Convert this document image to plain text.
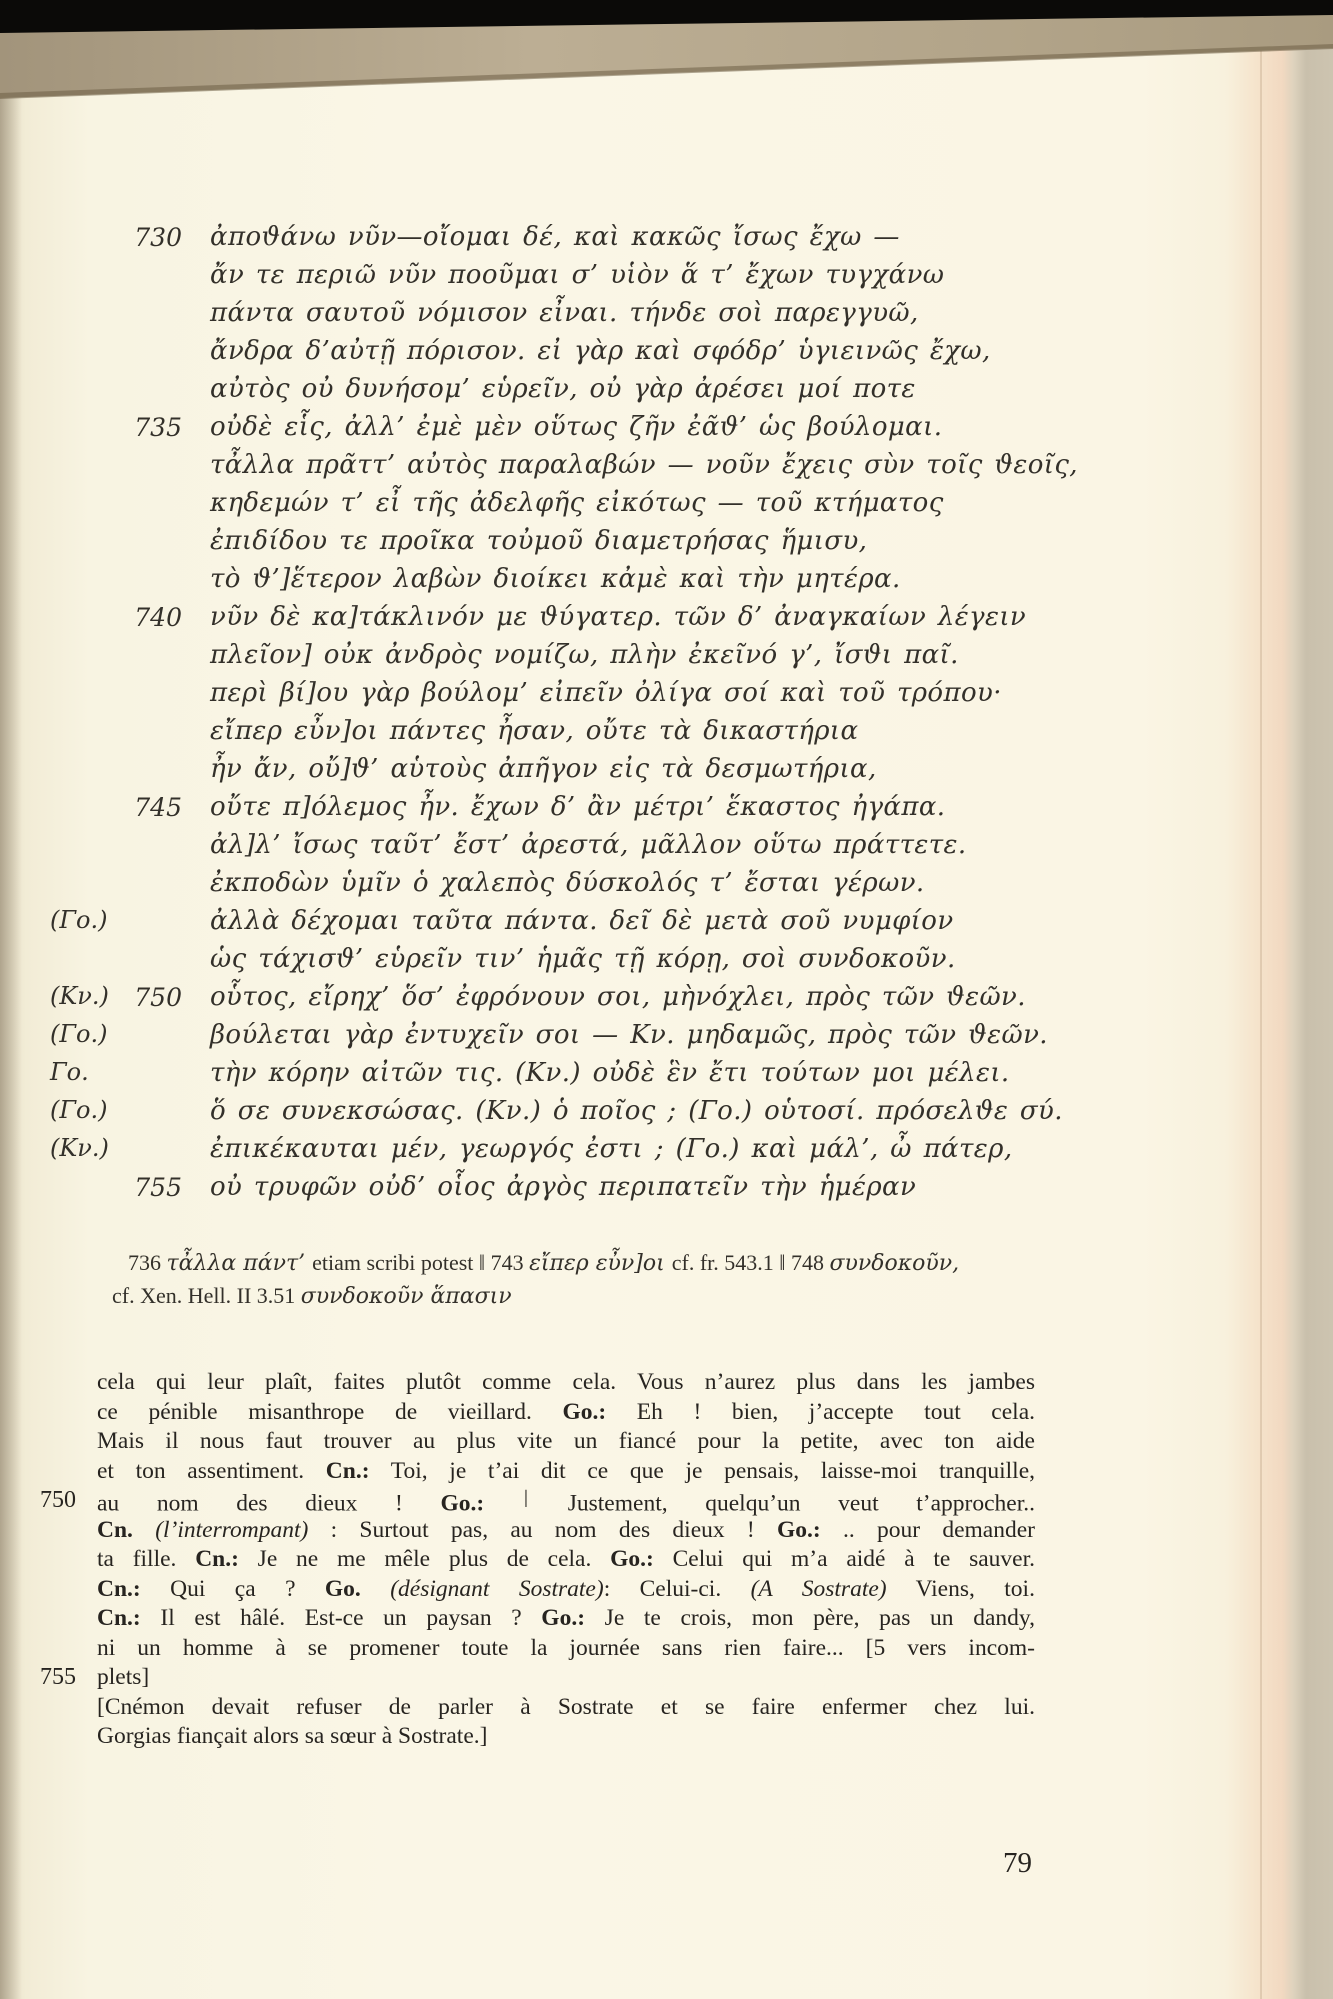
730 ἀποϑάνω νῦν—οἴομαι δέ, καὶ κακῶς ἴσως ἔχω —
ἄν τε περιῶ νῦν ποοῦμαι σ’ υἱὸν ἅ τ’ ἔχων τυγχάνω
πάντα σαυτοῦ νόμισον εἶναι. τήνδε σοὶ παρεγγυῶ,
ἄνδρα δ’αὐτῇ πόρισον. εἰ γὰρ καὶ σφόδρ’ ὑγιεινῶς ἔχω,
αὐτὸς οὐ δυνήσομ’ εὑρεῖν, οὐ γὰρ ἀρέσει μοί ποτε
735 οὐδὲ εἷς, ἀλλ’ ἐμὲ μὲν οὕτως ζῆν ἐᾶϑ’ ὡς βούλομαι.
τἆλλα πρᾶττ’ αὐτὸς παραλαβών — νοῦν ἔχεις σὺν τοῖς ϑεοῖς,
κηδεμών τ’ εἶ τῆς ἀδελφῆς εἰκότως — τοῦ κτήματος
ἐπιδίδου τε προῖκα τοὐμοῦ διαμετρήσας ἥμισυ,
τὸ ϑ’]ἕτερον λαβὼν διοίκει κἀμὲ καὶ τὴν μητέρα.
740 νῦν δὲ κα]τάκλινόν με ϑύγατερ. τῶν δ’ ἀναγκαίων λέγειν
πλεῖον] οὐκ ἀνδρὸς νομίζω, πλὴν ἐκεῖνό γ’, ἴσϑι παῖ.
περὶ βί]ου γὰρ βούλομ’ εἰπεῖν ὀλίγα σοί καὶ τοῦ τρόπου·
εἴπερ εὖν]οι πάντες ἦσαν, οὔτε τὰ δικαστήρια
ἦν ἄν, οὔ]ϑ’ αὑτοὺς ἀπῆγον εἰς τὰ δεσμωτήρια,
745 οὔτε π]όλεμος ἦν. ἔχων δ’ ἂν μέτρι’ ἕκαστος ἠγάπα.
ἀλ]λ’ ἴσως ταῦτ’ ἔστ’ ἀρεστά, μᾶλλον οὕτω πράττετε.
ἐκποδὼν ὑμῖν ὁ χαλεπὸς δύσκολός τ’ ἔσται γέρων.
(Γο.)	ἀλλὰ δέχομαι ταῦτα πάντα. δεῖ δὲ μετὰ σοῦ νυμφίον
ὡς τάχισϑ’ εὑρεῖν τιν’ ἡμᾶς τῇ κόρῃ, σοὶ συνδοκοῦν.
(Κν.)	750 οὗτος, εἴρηχ’ ὅσ’ ἐφρόνουν σοι, μὴνόχλει, πρὸς τῶν ϑεῶν.
(Γο.)	βούλεται γὰρ ἐντυχεῖν σοι — Κν. μηδαμῶς, πρὸς τῶν ϑεῶν.
Γο.	τὴν κόρην αἰτῶν τις. (Κν.) οὐδὲ ἓν ἔτι τούτων μοι μέλει.
(Γο.)	ὅ σε συνεκσώσας. (Κν.) ὁ ποῖος ; (Γο.) οὑτοσί. πρόσελϑε σύ.
(Κν.)	ἐπικέκαυται μέν, γεωργός ἐστι ; (Γο.) καὶ μάλ’, ὦ πάτερ,
755 οὐ τρυφῶν οὐδ’ οἷος ἀργὸς περιπατεῖν τὴν ἡμέραν
736 τἆλλα πάντ’ etiam scribi potest ‖ 743 εἴπερ εὖν]οι cf. fr. 543.1 ‖ 748 συνδοκοῦν,
cf. Xen. Hell. II 3.51 συνδοκοῦν ἅπασιν
cela qui leur plaît, faites plutôt comme cela. Vous n’aurez plus dans les jambes
ce pénible misanthrope de vieillard. Go.: Eh ! bien, j’accepte tout cela.
Mais il nous faut trouver au plus vite un fiancé pour la petite, avec ton aide
et ton assentiment. Cn.: Toi, je t’ai dit ce que je pensais, laisse-moi tranquille,
750 au nom des dieux ! Go.:	׀ Justement, quelqu’un veut t’approcher..
Cn. (l’interrompant) : Surtout pas, au nom des dieux ! Go.: .. pour demander
ta fille. Cn.: Je ne me mêle plus de cela. Go.: Celui qui m’a aidé à te sauver.
Cn.: Qui ça ? Go. (désignant Sostrate): Celui-ci. (A Sostrate) Viens, toi.
Cn.: Il est hâlé. Est-ce un paysan ? Go.: Je te crois, mon père, pas un dandy,
ni un homme à se promener toute la journée sans rien faire... [5 vers incom-
755 plets]
[Cnémon devait refuser de parler à Sostrate et se faire enfermer chez lui.
Gorgias fiançait alors sa sœur à Sostrate.]
79
